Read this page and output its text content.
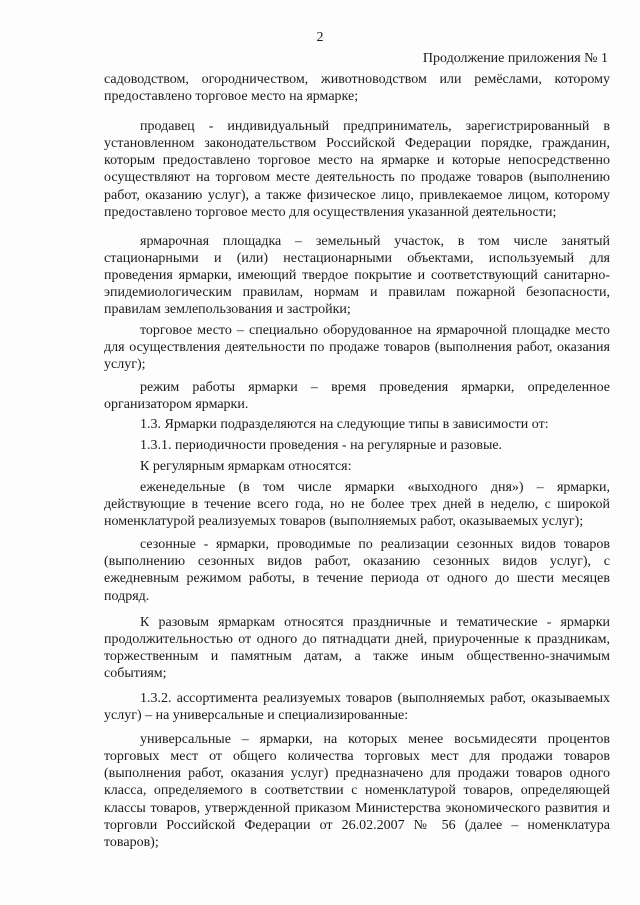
2
Продолжение приложения № 1

садоводством, огородничеством, животноводством или ремёслами, которому предоставлено торговое место на ярмарке;

продавец - индивидуальный предприниматель, зарегистрированный в установленном законодательством Российской Федерации порядке, гражданин, которым предоставлено торговое место на ярмарке и которые непосредственно осуществляют на торговом месте деятельность по продаже товаров (выполнению работ, оказанию услуг), а также физическое лицо, привлекаемое лицом, которому предоставлено торговое место для осуществления указанной деятельности;

ярмарочная площадка – земельный участок, в том числе занятый стационарными и (или) нестационарными объектами, используемый для проведения ярмарки, имеющий твердое покрытие и соответствующий санитарно-эпидемиологическим правилам, нормам и правилам пожарной безопасности, правилам землепользования и застройки;

торговое место – специально оборудованное на ярмарочной площадке место для осуществления деятельности по продаже товаров (выполнения работ, оказания услуг);

режим работы ярмарки – время проведения ярмарки, определенное организатором ярмарки.

1.3. Ярмарки подразделяются на следующие типы в зависимости от:

1.3.1. периодичности проведения - на регулярные и разовые.

К регулярным ярмаркам относятся:

еженедельные (в том числе ярмарки «выходного дня») – ярмарки, действующие в течение всего года, но не более трех дней в неделю, с широкой номенклатурой реализуемых товаров (выполняемых работ, оказываемых услуг);

сезонные - ярмарки, проводимые по реализации сезонных видов товаров (выполнению сезонных видов работ, оказанию сезонных видов услуг), с ежедневным режимом работы, в течение периода от одного до шести месяцев подряд.

К разовым ярмаркам относятся праздничные и тематические - ярмарки продолжительностью от одного до пятнадцати дней, приуроченные к праздникам, торжественным и памятным датам, а также иным общественно-значимым событиям;

1.3.2. ассортимента реализуемых товаров (выполняемых работ, оказываемых услуг) – на универсальные и специализированные:

универсальные – ярмарки, на которых менее восьмидесяти процентов торговых мест от общего количества торговых мест для продажи товаров (выполнения работ, оказания услуг) предназначено для продажи товаров одного класса, определяемого в соответствии с номенклатурой товаров, определяющей классы товаров, утвержденной приказом Министерства экономического развития и торговли Российской Федерации от 26.02.2007 № 56 (далее – номенклатура товаров);
